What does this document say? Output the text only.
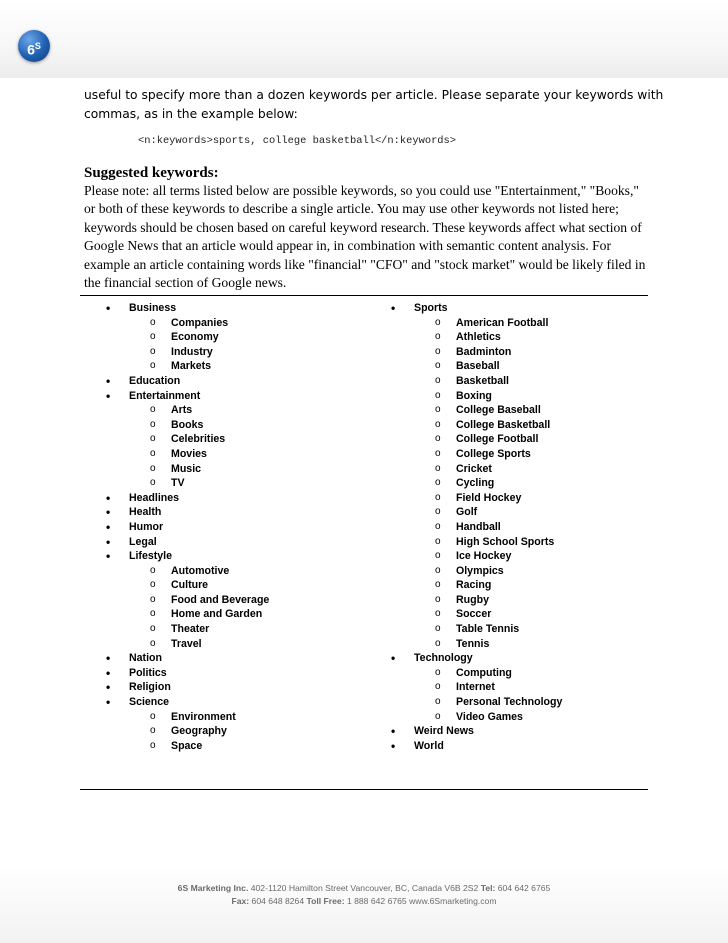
$6^S$

useful to specify more than a dozen keywords per article. Please separate your keywords with commas, as in the example below:

<n:keywords>sports, college basketball</n:keywords>

Suggested keywords:

Please note: all terms listed below are possible keywords, so you could use "Entertainment," "Books," or both of these keywords to describe a single article. You may use other keywords not listed here; keywords should be chosen based on careful keyword research. These keywords affect what section of Google News that an article would appear in, in combination with semantic content analysis. For example an article containing words like "financial" "CFO" and "stock market" would be likely filed in the financial section of Google news.

• Business
o Companies
o Economy
o Industry
o Markets
• Education
• Entertainment
o Arts
o Books
o Celebrities
o Movies
o Music
o TV
• Headlines
• Health
• Humor
• Legal
• Lifestyle
o Automotive
o Culture
o Food and Beverage
o Home and Garden
o Theater
o Travel
• Nation
• Politics
• Religion
• Science
o Environment
o Geography
o Space
• Sports
o American Football
o Athletics
o Badminton
o Baseball
o Basketball
o Boxing
o College Baseball
o College Basketball
o College Football
o College Sports
o Cricket
o Cycling
o Field Hockey
o Golf
o Handball
o High School Sports
o Ice Hockey
o Olympics
o Racing
o Rugby
o Soccer
o Table Tennis
o Tennis
• Technology
o Computing
o Internet
o Personal Technology
o Video Games
• Weird News
• World
6S Marketing Inc. 402-1120 Hamilton Street Vancouver, BC, Canada V6B 2S2 Tel: 604 642 6765
Fax: 604 648 8264 Toll Free: 1 888 642 6765 www.6Smarketing.com
